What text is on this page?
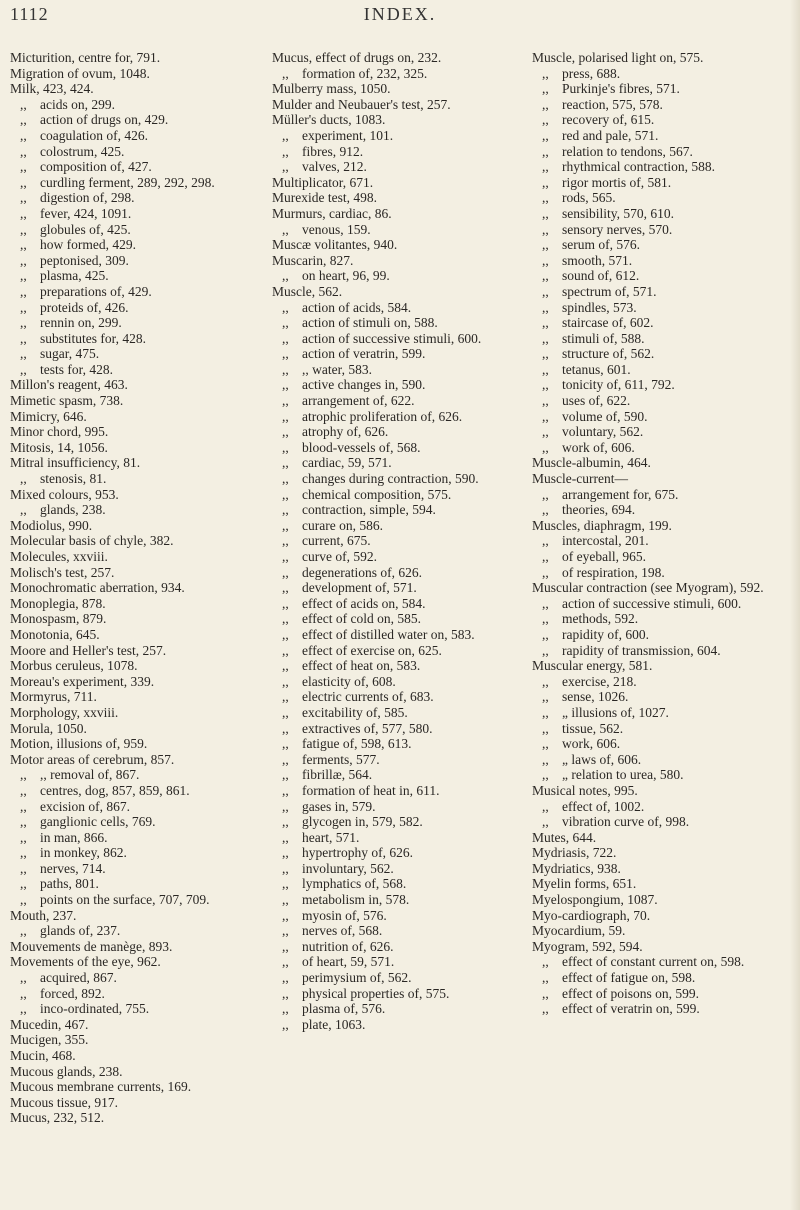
1112	INDEX.
Micturition, centre for, 791.
Migration of ovum, 1048.
Milk, 423, 424.
,, acids on, 299.
,, action of drugs on, 429.
,, coagulation of, 426.
,, colostrum, 425.
,, composition of, 427.
,, curdling ferment, 289, 292, 298.
,, digestion of, 298.
,, fever, 424, 1091.
,, globules of, 425.
,, how formed, 429.
,, peptonised, 309.
,, plasma, 425.
,, preparations of, 429.
,, proteids of, 426.
,, rennin on, 299.
,, substitutes for, 428.
,, sugar, 475.
,, tests for, 428.
Millon's reagent, 463.
Mimetic spasm, 738.
Mimicry, 646.
Minor chord, 995.
Mitosis, 14, 1056.
Mitral insufficiency, 81.
,, stenosis, 81.
Mixed colours, 953.
,, glands, 238.
Modiolus, 990.
Molecular basis of chyle, 382.
Molecules, xxviii.
Molisch's test, 257.
Monochromatic aberration, 934.
Monoplegia, 878.
Monospasm, 879.
Monotonia, 645.
Moore and Heller's test, 257.
Morbus ceruleus, 1078.
Moreau's experiment, 339.
Mormyrus, 711.
Morphology, xxviii.
Morula, 1050.
Motion, illusions of, 959.
Motor areas of cerebrum, 857.
,, ,, removal of, 867.
,, centres, dog, 857, 859, 861.
,, excision of, 867.
,, ganglionic cells, 769.
,, in man, 866.
,, in monkey, 862.
,, nerves, 714.
,, paths, 801.
,, points on the surface, 707, 709.
Mouth, 237.
,, glands of, 237.
Mouvements de manège, 893.
Movements of the eye, 962.
,, acquired, 867.
,, forced, 892.
,, inco-ordinated, 755.
Mucedin, 467.
Mucigen, 355.
Mucin, 468.
Mucous glands, 238.
Mucous membrane currents, 169.
Mucous tissue, 917.
Mucus, 232, 512.
Mucus, effect of drugs on, 232.
,, formation of, 232, 325.
Mulberry mass, 1050.
Mulder and Neubauer's test, 257.
Müller's ducts, 1083.
,, experiment, 101.
,, fibres, 912.
,, valves, 212.
Multiplicator, 671.
Murexide test, 498.
Murmurs, cardiac, 86.
,, venous, 159.
Muscæ volitantes, 940.
Muscarin, 827.
,, on heart, 96, 99.
Muscle, 562.
,, action of acids, 584.
,, action of stimuli on, 588.
,, action of successive stimuli, 600.
,, action of veratrin, 599.
,, ,, water, 583.
,, active changes in, 590.
,, arrangement of, 622.
,, atrophic proliferation of, 626.
,, atrophy of, 626.
,, blood-vessels of, 568.
,, cardiac, 59, 571.
,, changes during contraction, 590.
,, chemical composition, 575.
,, contraction, simple, 594.
,, curare on, 586.
,, current, 675.
,, curve of, 592.
,, degenerations of, 626.
,, development of, 571.
,, effect of acids on, 584.
,, effect of cold on, 585.
,, effect of distilled water on, 583.
,, effect of exercise on, 625.
,, effect of heat on, 583.
,, elasticity of, 608.
,, electric currents of, 683.
,, excitability of, 585.
,, extractives of, 577, 580.
,, fatigue of, 598, 613.
,, ferments, 577.
,, fibrillæ, 564.
,, formation of heat in, 611.
,, gases in, 579.
,, glycogen in, 579, 582.
,, heart, 571.
,, hypertrophy of, 626.
,, involuntary, 562.
,, lymphatics of, 568.
,, metabolism in, 578.
,, myosin of, 576.
,, nerves of, 568.
,, nutrition of, 626.
,, of heart, 59, 571.
,, perimysium of, 562.
,, physical properties of, 575.
,, plasma of, 576.
,, plate, 1063.
Muscle, polarised light on, 575.
,, press, 688.
,, Purkinje's fibres, 571.
,, reaction, 575, 578.
,, recovery of, 615.
,, red and pale, 571.
,, relation to tendons, 567.
,, rhythmical contraction, 588.
,, rigor mortis of, 581.
,, rods, 565.
,, sensibility, 570, 610.
,, sensory nerves, 570.
,, serum of, 576.
,, smooth, 571.
,, sound of, 612.
,, spectrum of, 571.
,, spindles, 573.
,, staircase of, 602.
,, stimuli of, 588.
,, structure of, 562.
,, tetanus, 601.
,, tonicity of, 611, 792.
,, uses of, 622.
,, volume of, 590.
,, voluntary, 562.
,, work of, 606.
Muscle-albumin, 464.
Muscle-current—
,, arrangement for, 675.
,, theories, 694.
Muscles, diaphragm, 199.
,, intercostal, 201.
,, of eyeball, 965.
,, of respiration, 198.
Muscular contraction (see Myogram), 592.
,, action of successive stimuli, 600.
,, methods, 592.
,, rapidity of, 600.
,, rapidity of transmission, 604.
Muscular energy, 581.
,, exercise, 218.
,, sense, 1026.
,, „ illusions of, 1027.
,, tissue, 562.
,, work, 606.
,, „ laws of, 606.
,, „ relation to urea, 580.
Musical notes, 995.
,, effect of, 1002.
,, vibration curve of, 998.
Mutes, 644.
Mydriasis, 722.
Mydriatics, 938.
Myelin forms, 651.
Myelospongium, 1087.
Myo-cardiograph, 70.
Myocardium, 59.
Myogram, 592, 594.
,, effect of constant current on, 598.
,, effect of fatigue on, 598.
,, effect of poisons on, 599.
,, effect of veratrin on, 599.
